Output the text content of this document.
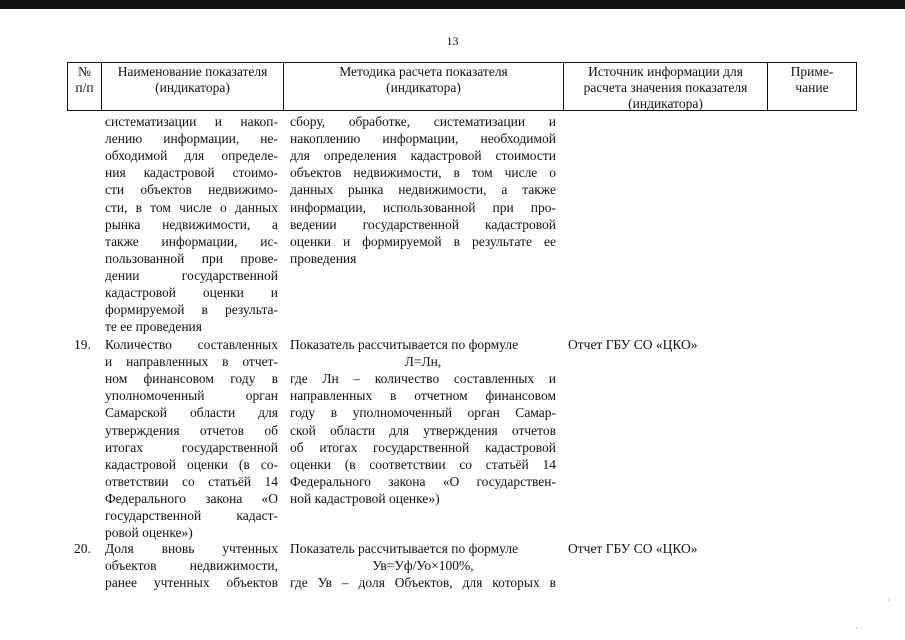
13
№
п/п
Наименование показателя
(индикатора)
Методика расчета показателя
(индикатора)
Источник информации для
расчета значения показателя
(индикатора)
Приме-
чание
систематизации и накоп-
лению информации, не-
обходимой для определе-
ния кадастровой стоимо-
сти объектов недвижимо-
сти, в том числе о данных
рынка недвижимости, а
также информации, ис-
пользованной при прове-
дении государственной
кадастровой оценки и
формируемой в результа-
те ее проведения
сбору, обработке, систематизации и
накоплению информации, необходимой
для определения кадастровой стоимости
объектов недвижимости, в том числе о
данных рынка недвижимости, а также
информации, использованной при про-
ведении государственной кадастровой
оценки и формируемой в результате ее
проведения
19. Количество составленных
и направленных в отчет-
ном финансовом году в
уполномоченный орган
Самарской области для
утверждения отчетов об
итогах государственной
кадастровой оценки (в со-
ответствии со статьёй 14
Федерального закона «О
государственной кадаст-
ровой оценке»)
Показатель рассчитывается по формуле
Л=Лн,
где Лн – количество составленных и
направленных в отчетном финансовом
году в уполномоченный орган Самар-
ской области для утверждения отчетов
об итогах государственной кадастровой
оценки (в соответствии со статьёй 14
Федерального закона «О государствен-
ной кадастровой оценке»)
Отчет ГБУ СО «ЦКО»
20. Доля вновь учтенных
объектов недвижимости,
ранее учтенных объектов
Показатель рассчитывается по формуле
Ув=Уф/Уо×100%,
где Ув – доля Объектов, для которых в
Отчет ГБУ СО «ЦКО»
·
·
